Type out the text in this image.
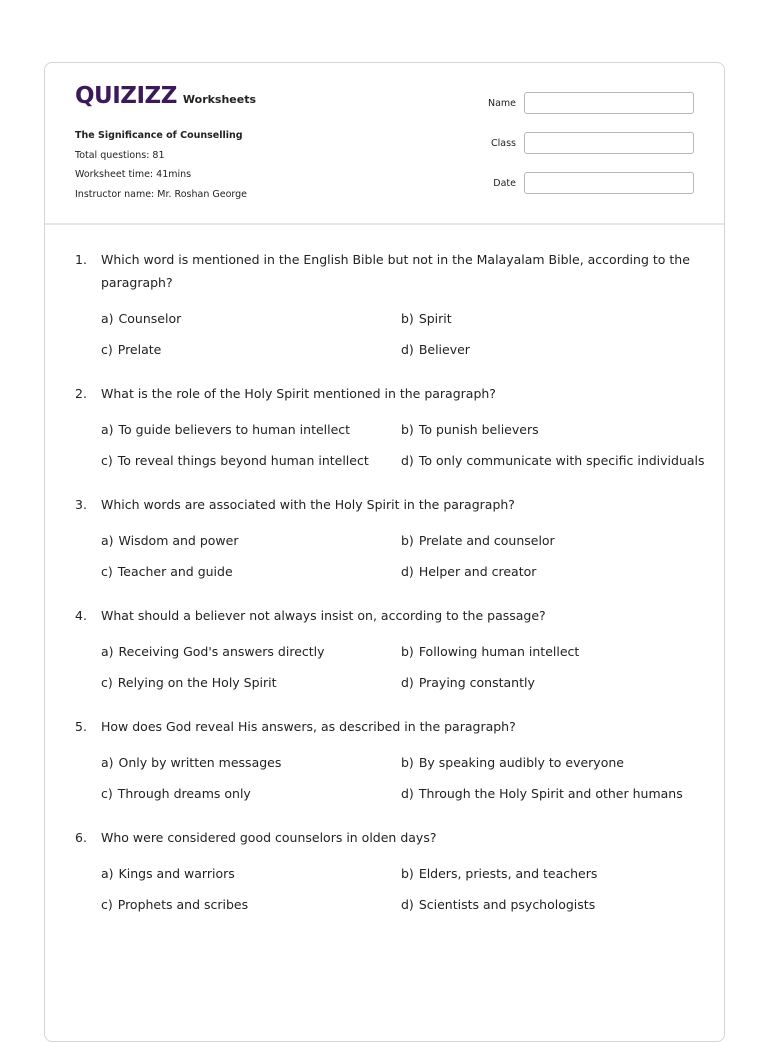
QUIZIZZ Worksheets
The Significance of Counselling
Total questions: 81
Worksheet time: 41mins
Instructor name: Mr. Roshan George
Name
Class
Date
1.	Which word is mentioned in the English Bible but not in the Malayalam Bible, according to the paragraph?
a) Counselor	b) Spirit
c) Prelate	d) Believer
2.	What is the role of the Holy Spirit mentioned in the paragraph?
a) To guide believers to human intellect	b) To punish believers
c) To reveal things beyond human intellect	d) To only communicate with specific individuals
3.	Which words are associated with the Holy Spirit in the paragraph?
a) Wisdom and power	b) Prelate and counselor
c) Teacher and guide	d) Helper and creator
4.	What should a believer not always insist on, according to the passage?
a) Receiving God's answers directly	b) Following human intellect
c) Relying on the Holy Spirit	d) Praying constantly
5.	How does God reveal His answers, as described in the paragraph?
a) Only by written messages	b) By speaking audibly to everyone
c) Through dreams only	d) Through the Holy Spirit and other humans
6.	Who were considered good counselors in olden days?
a) Kings and warriors	b) Elders, priests, and teachers
c) Prophets and scribes	d) Scientists and psychologists
